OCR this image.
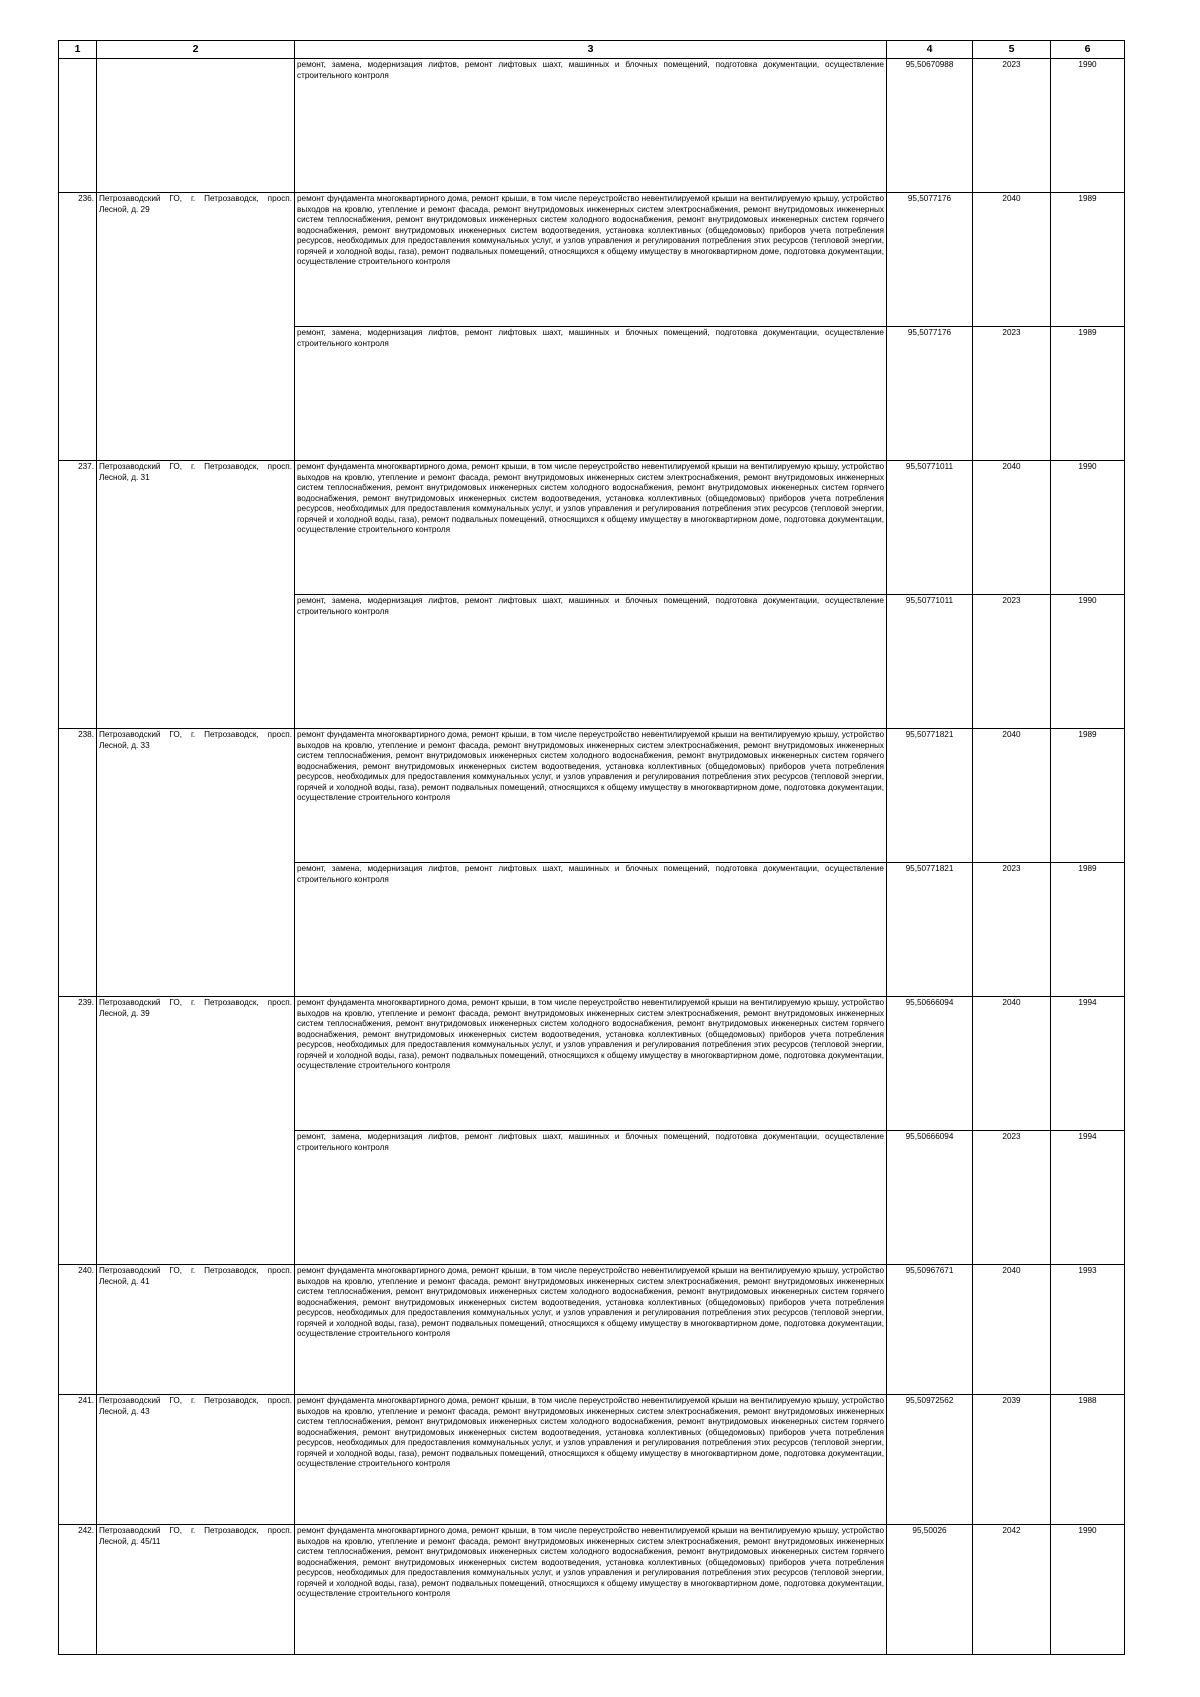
1	2	3	4	5	6
		ремонт, замена, модернизация лифтов, ремонт лифтовых шахт, машинных и блочных помещений, подготовка документации, осуществление строительного контроля	95,50670988	2023	1990
236.	Петрозаводский ГО, г. Петрозаводск, просп. Лесной, д. 29	ремонт фундамента многоквартирного дома, ремонт крыши, в том числе переустройство невентилируемой крыши на вентилируемую крышу, устройство выходов на кровлю, утепление и ремонт фасада, ремонт внутридомовых инженерных систем электроснабжения, ремонт внутридомовых инженерных систем теплоснабжения, ремонт внутридомовых инженерных систем холодного водоснабжения, ремонт внутридомовых инженерных систем горячего водоснабжения, ремонт внутридомовых инженерных систем водоотведения, установка коллективных (общедомовых) приборов учета потребления ресурсов, необходимых для предоставления коммунальных услуг, и узлов управления и регулирования потребления этих ресурсов (тепловой энергии, горячей и холодной воды, газа), ремонт подвальных помещений, относящихся к общему имуществу в многоквартирном доме, подготовка документации, осуществление строительного контроля	95,5077176	2040	1989
		ремонт, замена, модернизация лифтов, ремонт лифтовых шахт, машинных и блочных помещений, подготовка документации, осуществление строительного контроля	95,5077176	2023	1989
237.	Петрозаводский ГО, г. Петрозаводск, просп. Лесной, д. 31	ремонт фундамента многоквартирного дома, ремонт крыши, в том числе переустройство невентилируемой крыши на вентилируемую крышу, устройство выходов на кровлю, утепление и ремонт фасада, ремонт внутридомовых инженерных систем электроснабжения, ремонт внутридомовых инженерных систем теплоснабжения, ремонт внутридомовых инженерных систем холодного водоснабжения, ремонт внутридомовых инженерных систем горячего водоснабжения, ремонт внутридомовых инженерных систем водоотведения, установка коллективных (общедомовых) приборов учета потребления ресурсов, необходимых для предоставления коммунальных услуг, и узлов управления и регулирования потребления этих ресурсов (тепловой энергии, горячей и холодной воды, газа), ремонт подвальных помещений, относящихся к общему имуществу в многоквартирном доме, подготовка документации, осуществление строительного контроля	95,50771011	2040	1990
		ремонт, замена, модернизация лифтов, ремонт лифтовых шахт, машинных и блочных помещений, подготовка документации, осуществление строительного контроля	95,50771011	2023	1990
238.	Петрозаводский ГО, г. Петрозаводск, просп. Лесной, д. 33	ремонт фундамента многоквартирного дома, ремонт крыши, в том числе переустройство невентилируемой крыши на вентилируемую крышу, устройство выходов на кровлю, утепление и ремонт фасада, ремонт внутридомовых инженерных систем электроснабжения, ремонт внутридомовых инженерных систем теплоснабжения, ремонт внутридомовых инженерных систем холодного водоснабжения, ремонт внутридомовых инженерных систем горячего водоснабжения, ремонт внутридомовых инженерных систем водоотведения, установка коллективных (общедомовых) приборов учета потребления ресурсов, необходимых для предоставления коммунальных услуг, и узлов управления и регулирования потребления этих ресурсов (тепловой энергии, горячей и холодной воды, газа), ремонт подвальных помещений, относящихся к общему имуществу в многоквартирном доме, подготовка документации, осуществление строительного контроля	95,50771821	2040	1989
		ремонт, замена, модернизация лифтов, ремонт лифтовых шахт, машинных и блочных помещений, подготовка документации, осуществление строительного контроля	95,50771821	2023	1989
239.	Петрозаводский ГО, г. Петрозаводск, просп. Лесной, д. 39	ремонт фундамента многоквартирного дома, ремонт крыши, в том числе переустройство невентилируемой крыши на вентилируемую крышу, устройство выходов на кровлю, утепление и ремонт фасада, ремонт внутридомовых инженерных систем электроснабжения, ремонт внутридомовых инженерных систем теплоснабжения, ремонт внутридомовых инженерных систем холодного водоснабжения, ремонт внутридомовых инженерных систем горячего водоснабжения, ремонт внутридомовых инженерных систем водоотведения, установка коллективных (общедомовых) приборов учета потребления ресурсов, необходимых для предоставления коммунальных услуг, и узлов управления и регулирования потребления этих ресурсов (тепловой энергии, горячей и холодной воды, газа), ремонт подвальных помещений, относящихся к общему имуществу в многоквартирном доме, подготовка документации, осуществление строительного контроля	95,50666094	2040	1994
		ремонт, замена, модернизация лифтов, ремонт лифтовых шахт, машинных и блочных помещений, подготовка документации, осуществление строительного контроля	95,50666094	2023	1994
240.	Петрозаводский ГО, г. Петрозаводск, просп. Лесной, д. 41	ремонт фундамента многоквартирного дома, ремонт крыши, в том числе переустройство невентилируемой крыши на вентилируемую крышу, устройство выходов на кровлю, утепление и ремонт фасада, ремонт внутридомовых инженерных систем электроснабжения, ремонт внутридомовых инженерных систем теплоснабжения, ремонт внутридомовых инженерных систем холодного водоснабжения, ремонт внутридомовых инженерных систем горячего водоснабжения, ремонт внутридомовых инженерных систем водоотведения, установка коллективных (общедомовых) приборов учета потребления ресурсов, необходимых для предоставления коммунальных услуг, и узлов управления и регулирования потребления этих ресурсов (тепловой энергии, горячей и холодной воды, газа), ремонт подвальных помещений, относящихся к общему имуществу в многоквартирном доме, подготовка документации, осуществление строительного контроля	95,50967671	2040	1993
241.	Петрозаводский ГО, г. Петрозаводск, просп. Лесной, д. 43	ремонт фундамента многоквартирного дома, ремонт крыши, в том числе переустройство невентилируемой крыши на вентилируемую крышу, устройство выходов на кровлю, утепление и ремонт фасада, ремонт внутридомовых инженерных систем электроснабжения, ремонт внутридомовых инженерных систем теплоснабжения, ремонт внутридомовых инженерных систем холодного водоснабжения, ремонт внутридомовых инженерных систем горячего водоснабжения, ремонт внутридомовых инженерных систем водоотведения, установка коллективных (общедомовых) приборов учета потребления ресурсов, необходимых для предоставления коммунальных услуг, и узлов управления и регулирования потребления этих ресурсов (тепловой энергии, горячей и холодной воды, газа), ремонт подвальных помещений, относящихся к общему имуществу в многоквартирном доме, подготовка документации, осуществление строительного контроля	95,50972562	2039	1988
242.	Петрозаводский ГО, г. Петрозаводск, просп. Лесной, д. 45/11	ремонт фундамента многоквартирного дома, ремонт крыши, в том числе переустройство невентилируемой крыши на вентилируемую крышу, устройство выходов на кровлю, утепление и ремонт фасада, ремонт внутридомовых инженерных систем электроснабжения, ремонт внутридомовых инженерных систем теплоснабжения, ремонт внутридомовых инженерных систем холодного водоснабжения, ремонт внутридомовых инженерных систем горячего водоснабжения, ремонт внутридомовых инженерных систем водоотведения, установка коллективных (общедомовых) приборов учета потребления ресурсов, необходимых для предоставления коммунальных услуг, и узлов управления и регулирования потребления этих ресурсов (тепловой энергии, горячей и холодной воды, газа), ремонт подвальных помещений, относящихся к общему имуществу в многоквартирном доме, подготовка документации, осуществление строительного контроля	95,50026	2042	1990
